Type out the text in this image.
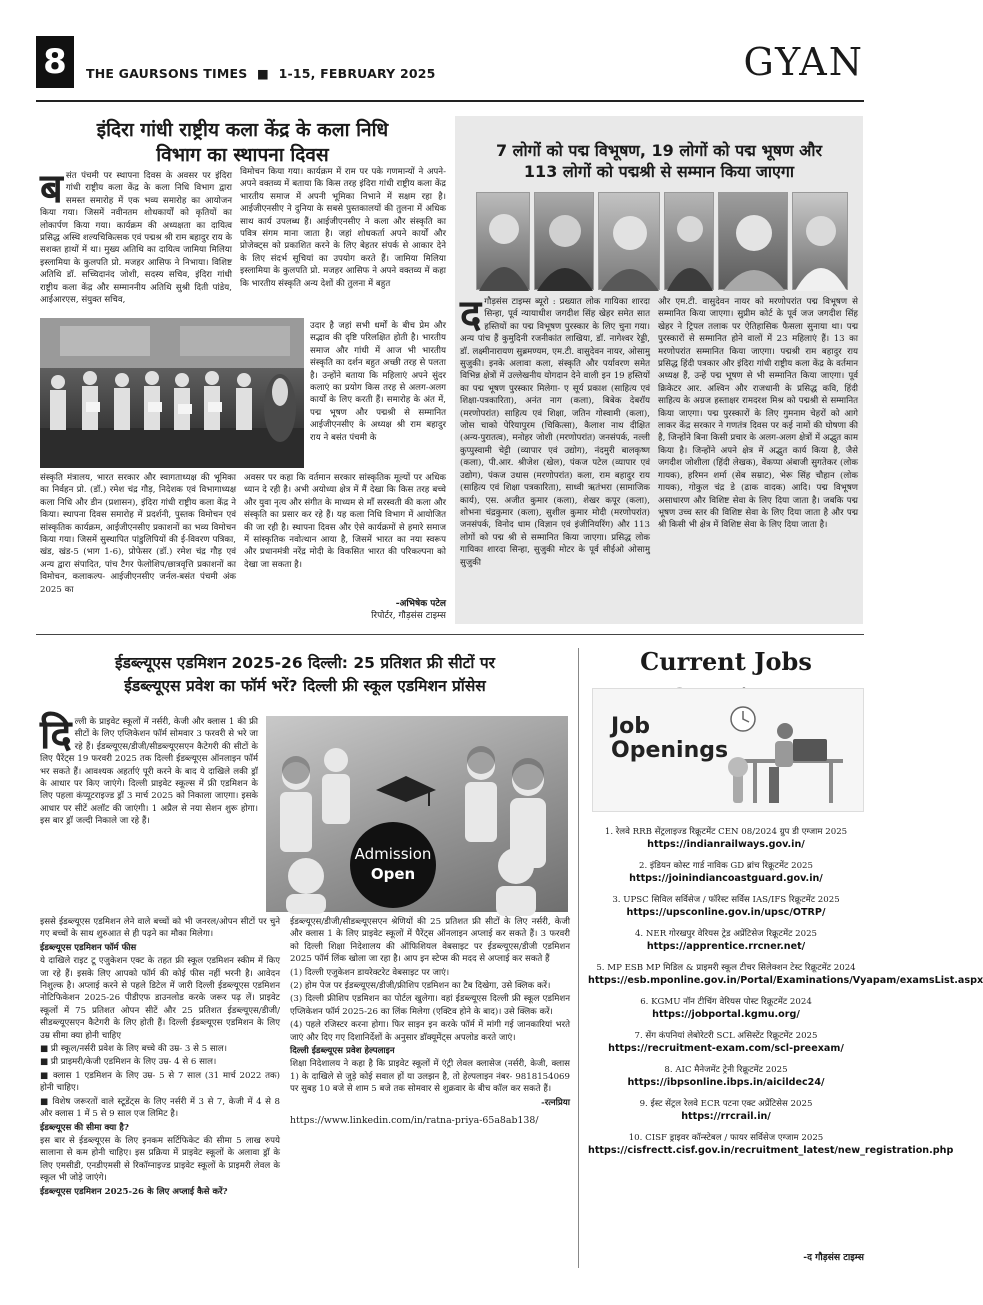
8	THE GAURSONS TIMES ■ 1-15, FEBRUARY 2025	GYAN
इंदिरा गांधी राष्ट्रीय कला केंद्र के कला निधि
विभाग का स्थापना दिवस
ब संत पंचमी पर स्थापना दिवस के अवसर पर इंदिरा गांधी राष्ट्रीय कला केंद्र के कला निधि विभाग द्वारा समस्त समारोह में एक भव्य समारोह का आयोजन किया गया। जिसमें नवीनतम शोधकार्यों को कृतियों का लोकार्पण किया गया। कार्यक्रम की अध्यक्षता का दायित्व प्रसिद्ध अस्थि शल्यचिकित्सक एवं पद्मश्र श्री राम बहादुर राय के सशक्त हाथों में था। मुख्य अतिथि का दायित्व जामिया मिलिया इस्लामिया के कुलपति प्रो. मजहर आसिफ ने निभाया। विशिष्ट अतिथि डॉ. सच्चिदानंद जोशी, सदस्य सचिव, इंदिरा गांधी राष्ट्रीय कला केंद्र और सम्माननीय अतिथि सुश्री दिती पांडेय, आईआरएस, संयुक्त सचिव,
विमोचन किया गया। कार्यक्रम में राम पर पके गणमान्यों ने अपने-अपने वक्तव्य में बताया कि किस तरह इंदिरा गांधी राष्ट्रीय कला केंद्र भारतीय समाज में अपनी भूमिका निभाने में सक्षम रहा है। आईजीएनसीए ने दुनिया के सबसे पुस्तकालयों की तुलना में अधिक साथ कार्य उपलब्ध हैं। आईजीएनसीए ने कला और संस्कृति का पवित्र संगम माना जाता है। जहां शोधकर्ता अपने कार्यों और प्रोजेक्ट्स को प्रकाशित करने के लिए बेहतर संपर्क से आकार देने के लिए संदर्भ सूचियां का उपयोग करते हैं। जामिया मिलिया इस्लामिया के कुलपति प्रो. मजहर आसिफ ने अपने वक्तव्य में कहा कि भारतीय संस्कृति अन्य देशों की तुलना में बहुत
उदार है जहां सभी धर्मों के बीच प्रेम और सद्भाव की दृष्टि परिलक्षित होती है। भारतीय समाज और गांधी में आज भी भारतीय संस्कृति का दर्शन बहुत अच्छी तरह से पलता है। उन्होंने बताया कि महिलाएं अपने सुंदर कलाएं का प्रयोग किस तरह से अलग-अलग कार्यों के लिए करती हैं। समारोह के अंत में, पद्म भूषण और पद्मश्री से सम्मानित आईजीएनसीए के अध्यक्ष श्री राम बहादुर राय ने बसंत पंचमी के
संस्कृति मंत्रालय, भारत सरकार और स्वागताध्यक्ष की भूमिका का निर्वहन प्रो. (डॉ.) रमेश चंद्र गौड़, निदेशक एवं विभागाध्यक्ष कला निधि और डीन (प्रशासन), इंदिरा गांधी राष्ट्रीय कला केंद्र ने किया। स्थापना दिवस समारोह में प्रदर्शनी, पुस्तक विमोचन एवं सांस्कृतिक कार्यक्रम, आईजीएनसीए प्रकाशनों का भव्य विमोचन किया गया। जिसमें सुस्थापित पांडुलिपियों की ई-विवरण पत्रिका, खंड, खंड-5 (भाग 1-6), प्रोफेसर (डॉ.) रमेश चंद्र गौड़ एवं अन्य द्वारा संपादित, पांच टैगर फेलोशिप/छात्रवृत्ति प्रकाशनों का विमोचन, कलाकल्प- आईजीएनसीए जर्नल-बसंत पंचमी अंक 2025 का
अवसर पर कहा कि वर्तमान सरकार सांस्कृतिक मूल्यों पर अधिक ध्यान दे रही है। अभी अयोध्या क्षेत्र में मैं देखा कि किस तरह बच्चे और युवा नृत्य और संगीत के माध्यम से माँ सरस्वती की कला और संस्कृति का प्रसार कर रहे हैं। यह कला निधि विभाग में आयोजित की जा रही है। स्थापना दिवस और ऐसे कार्यक्रमों से हमारे समाज में सांस्कृतिक नवोत्थान आया है, जिसमें भारत का नया स्वरूप और प्रधानमंत्री नरेंद्र मोदी के विकसित भारत की परिकल्पना को देखा जा सकता है।
-अभिषेक पटेल
रिपोर्टर, गौड़संस टाइम्स
7 लोगों को पद्म विभूषण, 19 लोगों को पद्म भूषण और
113 लोगों को पद्मश्री से सम्मान किया जाएगा
द गौड़संस टाइम्स ब्यूरो : प्रख्यात लोक गायिका शारदा सिन्हा, पूर्व न्यायाधीश जगदीश सिंह खेहर समेत सात हस्तियों का पद्म विभूषण पुरस्कार के लिए चुना गया। अन्य पांच हैं कुमुदिनी रजनीकांत लाखिया, डॉ. नागेश्वर रेड्डी, डॉ. लक्ष्मीनारायण सुब्रमण्यम, एम.टी. वासुदेवन नायर, ओसामु सुजुकी। इनके अलावा कला, संस्कृति और पर्यावरण समेत विभिन्न क्षेत्रों में उल्लेखनीय योगदान देने वाली इन 19 हस्तियों का पद्म भूषण पुरस्कार मिलेगा- ए सूर्य प्रकाश (साहित्य एवं शिक्षा-पत्रकारिता), अनंत नाग (कला), बिबेक देबरॉय (मरणोपरांत) साहित्य एवं शिक्षा, जतिन गोस्वामी (कला), जोस चाको पेरियापुरम (चिकित्सा), कैलाश नाथ दीक्षित (अन्य-पुरातत्व), मनोहर जोशी (मरणोपरांत) जनसंपर्क, नल्ली कुप्पुस्वामी चेट्टी (व्यापार एवं उद्योग), नंदमुरी बालकृष्ण (कला), पी.आर. श्रीजेश (खेल), पंकज पटेल (व्यापार एवं उद्योग), पंकज उधास (मरणोपरांत) कला, राम बहादुर राय (साहित्य एवं शिक्षा पत्रकारिता), साध्वी ऋतंभरा (सामाजिक कार्य), एस. अजीत कुमार (कला), शेखर कपूर (कला), शोभना चंद्रकुमार (कला), सुशील कुमार मोदी (मरणोपरांत) जनसंपर्क, विनोद धाम (विज्ञान एवं इंजीनियरिंग) और 113 लोगों को पद्म श्री से सम्मानित किया जाएगा। प्रसिद्ध लोक गायिका शारदा सिन्हा, सुजुकी मोटर के पूर्व सीईओ ओसामु सुजुकी
और एम.टी. वासुदेवन नायर को मरणोपरांत पद्म विभूषण से सम्मानित किया जाएगा। सुप्रीम कोर्ट के पूर्व जज जगदीश सिंह खेहर ने ट्रिपल तलाक पर ऐतिहासिक फैसला सुनाया था। पद्म पुरस्कारों से सम्मानित होने वालों में 23 महिलाएं हैं। 13 का मरणोपरांत सम्मानित किया जाएगा। पद्मश्री राम बहादुर राय प्रसिद्ध हिंदी पत्रकार और इंदिरा गांधी राष्ट्रीय कला केंद्र के वर्तमान अध्यक्ष हैं, उन्हें पद्म भूषण से भी सम्मानित किया जाएगा। पूर्व क्रिकेटर आर. अश्विन और राजधानी के प्रसिद्ध कवि, हिंदी साहित्य के अग्रज हस्ताक्षर रामदरश मिश्र को पद्मश्री से सम्मानित किया जाएगा। पद्म पुरस्कारों के लिए गुमनाम चेहरों को आगे लाकर केंद्र सरकार ने गणतंत्र दिवस पर कई नामों की घोषणा की है, जिन्होंने बिना किसी प्रचार के अलग-अलग क्षेत्रों में अद्भुत काम किया है। जिन्होंने अपने क्षेत्र में अद्भुत कार्य किया है, जैसे जगदीश जोशीला (हिंदी लेखक), वेंकप्पा अंबाजी सुगतेकर (लोक गायक), हरिमन शर्मा (सेब सम्राट), भेरू सिंह चौहान (लोक गायक), गोकुल चंद्र डे (ढाक वादक) आदि। पद्म विभूषण असाधारण और विशिष्ट सेवा के लिए दिया जाता है। जबकि पद्म भूषण उच्च स्तर की विशिष्ट सेवा के लिए दिया जाता है और पद्म श्री किसी भी क्षेत्र में विशिष्ट सेवा के लिए दिया जाता है।
ईडब्ल्यूएस एडमिशन 2025-26 दिल्ली: 25 प्रतिशत फ्री सीटों पर
ईडब्ल्यूएस प्रवेश का फॉर्म भरें? दिल्ली फ्री स्कूल एडमिशन प्रॉसेस
दि ल्ली के प्राइवेट स्कूलों में नर्सरी, केजी और क्लास 1 की फ्री सीटों के लिए एप्लिकेशन फॉर्म सोमवार 3 फरवरी से भरे जा रहे हैं। ईडब्ल्यूएस/डीजी/सीडब्ल्यूएसएन कैटेगरी की सीटों के लिए पैरेंट्स 19 फरवरी 2025 तक दिल्ली ईडब्ल्यूएस ऑनलाइन फॉर्म भर सकते हैं। आवश्यक अहर्ताएं पूरी करने के बाद ये दाखिले लकी ड्रॉ के आधार पर किए जाएंगे। दिल्ली प्राइवेट स्कूल्स में फ्री एडमिशन के लिए पहला कंप्यूटराइज्ड ड्रॉ 3 मार्च 2025 को निकाला जाएगा। इसके आधार पर सीटें अलॉट की जाएंगी। 1 अप्रैल से नया सेशन शुरू होगा। इस बार ड्रॉ जल्दी निकाले जा रहे हैं।
Admission
Open

इससे ईडब्ल्यूएस एडमिशन लेने वाले बच्चों को भी जनरल/ओपन सीटों पर चुने गए बच्चों के साथ शुरुआत से ही पढ़ने का मौका मिलेगा।

ईडब्ल्यूएस एडमिशन फॉर्म फीस

ये दाखिले राइट टू एजुकेशन एक्ट के तहत फ्री स्कूल एडमिशन स्कीम में किए जा रहे हैं। इसके लिए आपको फॉर्म की कोई फीस नहीं भरनी है। आवेदन निशुल्क है। अप्लाई करने से पहले डिटेल में जारी दिल्ली ईडब्ल्यूएस एडमिशन नोटिफिकेशन 2025-26 पीडीएफ डाउनलोड करके जरूर पढ़ लें। प्राइवेट स्कूलों में 75 प्रतिशत ओपन सीटें और 25 प्रतिशत ईडब्ल्यूएस/डीजी/सीडब्ल्यूएसएन कैटेगरी के लिए होती हैं। दिल्ली ईडब्ल्यूएस एडमिशन के लिए उम्र सीमा क्या होनी चाहिए

■ प्री स्कूल/नर्सरी प्रवेश के लिए बच्चे की उम्र- 3 से 5 साल।

■ प्री प्राइमरी/केजी एडमिशन के लिए उम्र- 4 से 6 साल।

■ क्लास 1 एडमिशन के लिए उम्र- 5 से 7 साल (31 मार्च 2022 तक) होनी चाहिए।

■ विशेष जरूरतों वाले स्टूडेंट्स के लिए नर्सरी में 3 से 7, केजी में 4 से 8 और क्लास 1 में 5 से 9 साल एज लिमिट है।

ईडब्ल्यूएस की सीमा क्या है?

इस बार से ईडब्ल्यूएस के लिए इनकम सर्टिफिकेट की सीमा 5 लाख रुपये सालाना से कम होनी चाहिए। इस प्रक्रिया में प्राइवेट स्कूलों के अलावा ड्रॉ के लिए एमसीडी, एनडीएमसी से रिकॉग्नाइज्ड प्राइवेट स्कूलों के प्राइमरी लेवल के स्कूल भी जोड़े जाएंगे।

ईडब्ल्यूएस एडमिशन 2025-26 के लिए अप्लाई कैसे करें?

ईडब्ल्यूएस/डीजी/सीडब्ल्यूएसएन श्रेणियों की 25 प्रतिशत फ्री सीटों के लिए नर्सरी, केजी और क्लास 1 के लिए प्राइवेट स्कूलों में पैरेंट्स ऑनलाइन अप्लाई कर सकते हैं। 3 फरवरी को दिल्ली शिक्षा निदेशालय की ऑफिशियल वेबसाइट पर ईडब्ल्यूएस/डीजी एडमिशन 2025 फॉर्म लिंक खोला जा रहा है। आप इन स्टेप्स की मदद से अप्लाई कर सकते हैं

(1) दिल्ली एजुकेशन डायरेक्टरेट वेबसाइट पर जाएं।

(2) होम पेज पर ईडब्ल्यूएस/डीजी/फ्रीशिप एडमिशन का टैब दिखेगा, उसे क्लिक करें।

(3) दिल्ली फ्रीशिप एडमिशन का पोर्टल खुलेगा। वहां ईडब्ल्यूएस दिल्ली फ्री स्कूल एडमिशन एप्लिकेशन फॉर्म 2025-26 का लिंक मिलेगा (एक्टिव होने के बाद)। उसे क्लिक करें।

(4) पहले रजिस्टर करना होगा। फिर साइन इन करके फॉर्म में मांगी गई जानकारियां भरते जाएं और दिए गए दिशानिर्देशों के अनुसार डॉक्यूमेंट्स अपलोड करते जाएं।

दिल्ली ईडब्ल्यूएस प्रवेश हेल्पलाइन

शिक्षा निदेशालय ने कहा है कि प्राइवेट स्कूलों में एंट्री लेवल क्लासेज (नर्सरी, केजी, क्लास 1) के दाखिले से जुड़े कोई सवाल हों या उलझन है, तो हेल्पलाइन नंबर- 9818154069 पर सुबह 10 बजे से शाम 5 बजे तक सोमवार से शुक्रवार के बीच कॉल कर सकते हैं।

-रत्नप्रिया

https://www.linkedin.com/in/ratna-priya-65a8ab138/

Current Jobs
Job
Openings
1. रेलवे RRB सेंट्रलाइज्ड रिक्रूटमेंट CEN 08/2024 ग्रुप डी एग्जाम 2025
https://indianrailways.gov.in/
2. इंडियन कोस्ट गार्ड नाविक GD ब्रांच रिक्रूटमेंट 2025
https://joinindiancoastguard.gov.in/
3. UPSC सिविल सर्विसेज / फॉरेस्ट सर्विस IAS/IFS रिक्रूटमेंट 2025
https://upsconline.gov.in/upsc/OTRP/
4. NER गोरखपुर वेरियस ट्रेड अप्रेंटिसेज रिक्रूटमेंट 2025
https://apprentice.rrcner.net/
5. MP ESB MP मिडिल & प्राइमरी स्कूल टीचर सिलेक्शन टेस्ट रिक्रूटमेंट 2024
https://esb.mponline.gov.in/Portal/Examinations/Vyapam/examsList.aspx
6. KGMU नॉन टीचिंग वेरियस पोस्ट रिक्रूटमेंट 2024
https://jobportal.kgmu.org/
7. सेंग कंपनियां लेबोरेटरी SCL असिस्टेंट रिक्रूटमेंट 2025
https://recruitment-exam.com/scl-preexam/
8. AIC मैनेजमेंट ट्रेनी रिक्रूटमेंट 2025
https://ibpsonline.ibps.in/aicildec24/
9. ईस्ट सेंट्रल रेलवे ECR पटना एक्ट अप्रेंटिसेस 2025
https://rrcrail.in/
10. CISF ड्राइवर कॉन्स्टेबल / फायर सर्विसेज एग्जाम 2025
https://cisfrectt.cisf.gov.in/recruitment_latest/new_registration.php
-द गौड़संस टाइम्स
